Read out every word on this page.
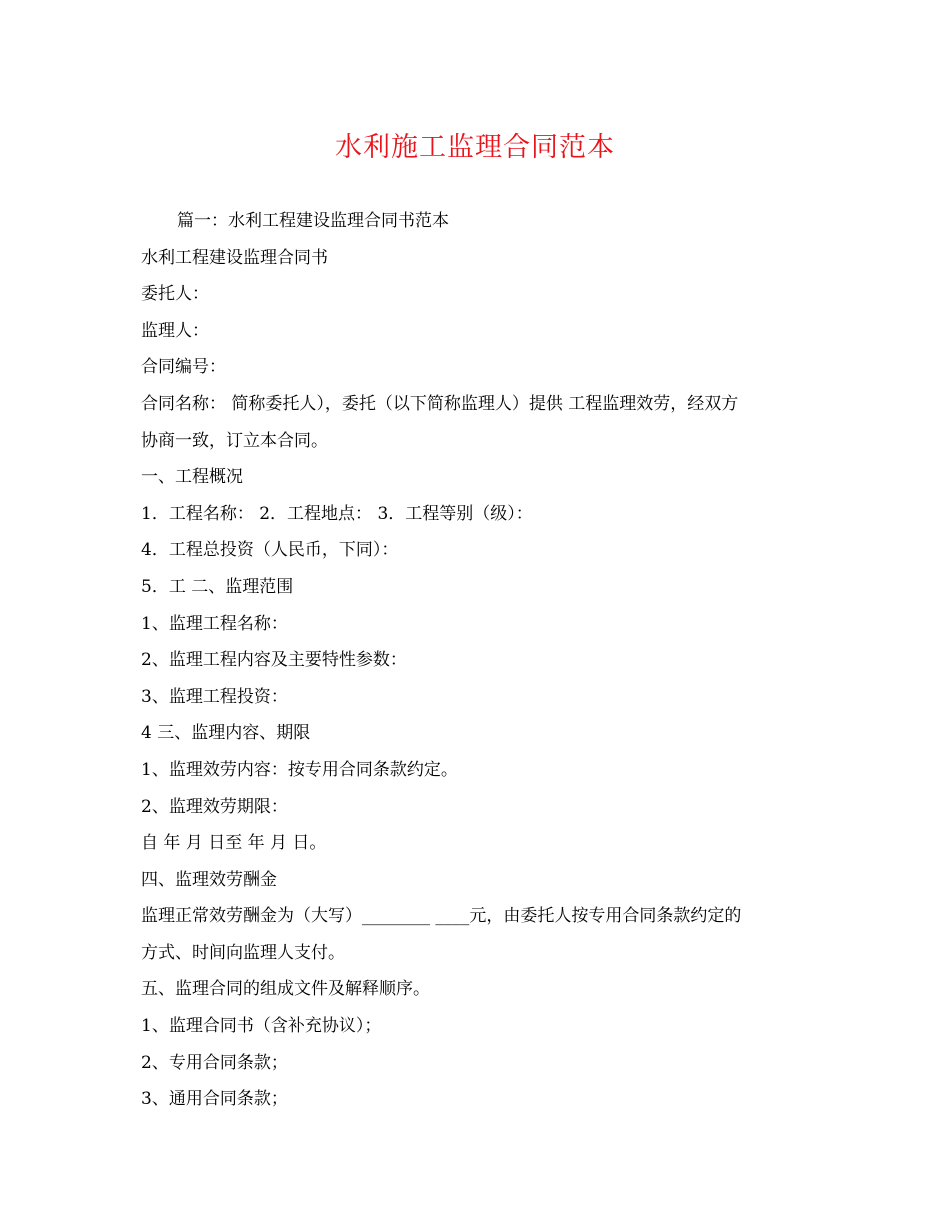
水利施工监理合同范本
篇一：水利工程建设监理合同书范本
水利工程建设监理合同书
委托人：
监理人：
合同编号：
合同名称： 简称委托人），委托（以下简称监理人）提供 工程监理效劳，经双方
协商一致，订立本合同。
一、工程概况
1．工程名称： 2．工程地点： 3．工程等别（级）：
4．工程总投资（人民币，下同）：
5．工 二、监理范围
1、监理工程名称：
2、监理工程内容及主要特性参数：
3、监理工程投资：
4 三、监理内容、期限
1、监理效劳内容：按专用合同条款约定。
2、监理效劳期限：
自 年 月 日至 年 月 日。
四、监理效劳酬金
监理正常效劳酬金为（大写）________ ____元，由委托人按专用合同条款约定的
方式、时间向监理人支付。
五、监理合同的组成文件及解释顺序。
1、监理合同书（含补充协议）；
2、专用合同条款；
3、通用合同条款；
